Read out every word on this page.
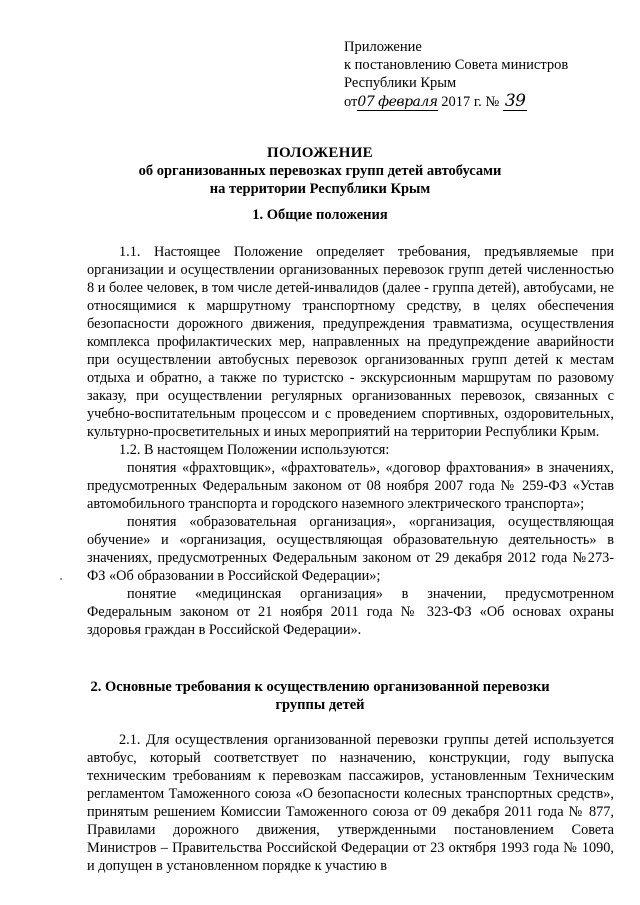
Приложение
к постановлению Совета министров
Республики Крым
от07 февраля 2017 г. № 39
ПОЛОЖЕНИЕ
об организованных перевозках групп детей автобусами
на территории Республики Крым
1. Общие положения

1.1. Настоящее Положение определяет требования, предъявляемые при организации и осуществлении организованных перевозок групп детей численностью 8 и более человек, в том числе детей-инвалидов (далее - группа детей), автобусами, не относящимися к маршрутному транспортному средству, в целях обеспечения безопасности дорожного движения, предупреждения травматизма, осуществления комплекса профилактических мер, направленных на предупреждение аварийности при осуществлении автобусных перевозок организованных групп детей к местам отдыха и обратно, а также по туристско - экскурсионным маршрутам по разовому заказу, при осуществлении регулярных организованных перевозок, связанных с учебно-воспитательным процессом и с проведением спортивных, оздоровительных, культурно-просветительных и иных мероприятий на территории Республики Крым.

1.2. В настоящем Положении используются:

понятия «фрахтовщик», «фрахтователь», «договор фрахтования» в значениях, предусмотренных Федеральным законом от 08 ноября 2007 года № 259-ФЗ «Устав автомобильного транспорта и городского наземного электрического транспорта»;

понятия «образовательная организация», «организация, осуществляющая обучение» и «организация, осуществляющая образовательную деятельность» в значениях, предусмотренных Федеральным законом от 29 декабря 2012 года №273-ФЗ «Об образовании в Российской Федерации»;

понятие «медицинская организация» в значении, предусмотренном Федеральным законом от 21 ноября 2011 года № 323-ФЗ «Об основах охраны здоровья граждан в Российской Федерации».

2. Основные требования к осуществлению организованной перевозки
группы детей

2.1. Для осуществления организованной перевозки группы детей используется автобус, который соответствует по назначению, конструкции, году выпуска техническим требованиям к перевозкам пассажиров, установленным Техническим регламентом Таможенного союза «О безопасности колесных транспортных средств», принятым решением Комиссии Таможенного союза от 09 декабря 2011 года № 877, Правилами дорожного движения, утвержденными постановлением Совета Министров – Правительства Российской Федерации от 23 октября 1993 года № 1090, и допущен в установленном порядке к участию в
